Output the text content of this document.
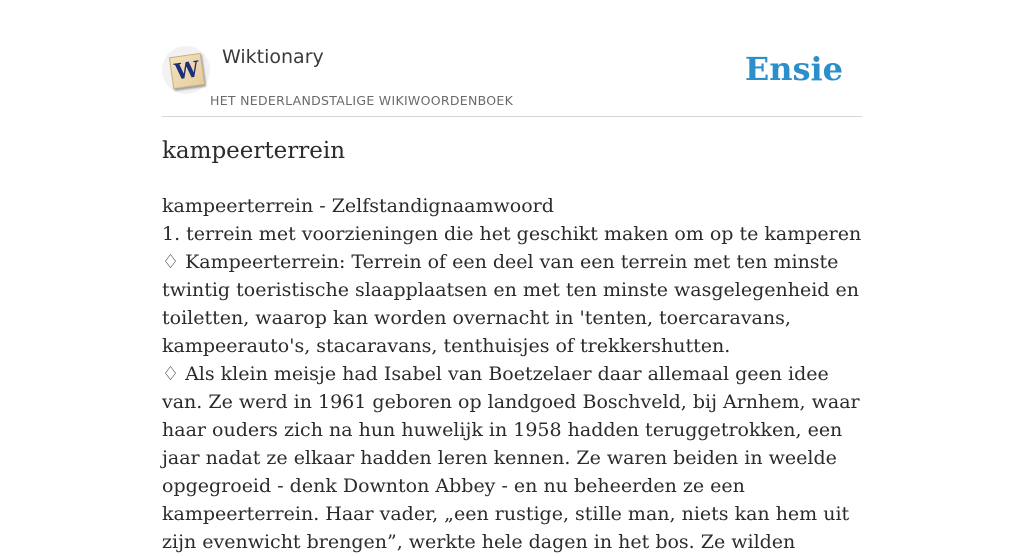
W Wiktionary
HET NEDERLANDSTALIGE WIKIWOORDENBOEK
Ensie
kampeerterrein

kampeerterrein - Zelfstandignaamwoord

1. terrein met voorzieningen die het geschikt maken om op te kamperen

♢ Kampeerterrein: Terrein of een deel van een terrein met ten minste twintig toeristische slaapplaatsen en met ten minste wasgelegenheid en toiletten, waarop kan worden overnacht in 'tenten, toercaravans, kampeerauto's, stacaravans, tenthuisjes of trekkershutten.

♢ Als klein meisje had Isabel van Boetzelaer daar allemaal geen idee van. Ze werd in 1961 geboren op landgoed Boschveld, bij Arnhem, waar haar ouders zich na hun huwelijk in 1958 hadden teruggetrokken, een jaar nadat ze elkaar hadden leren kennen. Ze waren beiden in weelde opgegroeid - denk Downton Abbey - en nu beheerden ze een kampeerterrein. Haar vader, „een rustige, stille man, niets kan hem uit zijn evenwicht brengen”, werkte hele dagen in het bos. Ze wilden
